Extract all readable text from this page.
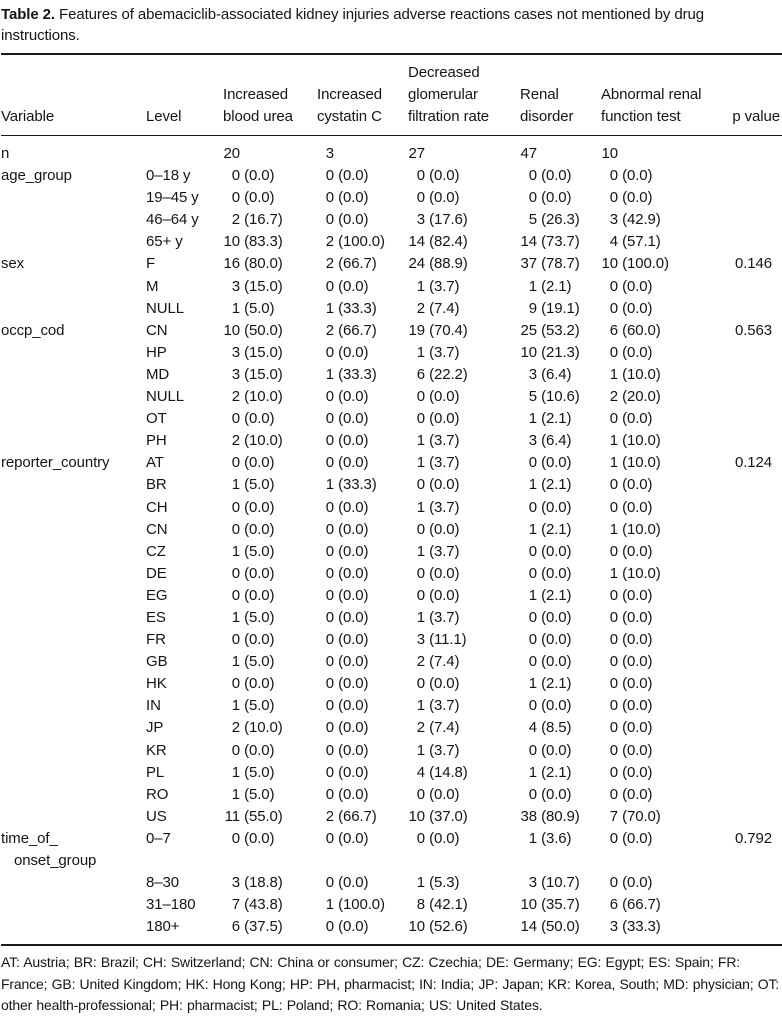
Table 2. Features of abemaciclib-associated kidney injuries adverse reactions cases not mentioned by drug instructions.

Variable	Level	Increased blood urea	Increased cystatin C	Decreased glomerular filtration rate	Renal disorder	Abnormal renal function test	p value
n		20	3	27	47	10	
age_group	0–18 y	0 (0.0)	0 (0.0)	0 (0.0)	0 (0.0)	0 (0.0)	
	19–45 y	0 (0.0)	0 (0.0)	0 (0.0)	0 (0.0)	0 (0.0)	
	46–64 y	2 (16.7)	0 (0.0)	3 (17.6)	5 (26.3)	3 (42.9)	
	65+ y	10 (83.3)	2 (100.0)	14 (82.4)	14 (73.7)	4 (57.1)	
sex	F	16 (80.0)	2 (66.7)	24 (88.9)	37 (78.7)	10 (100.0)	0.146
	M	3 (15.0)	0 (0.0)	1 (3.7)	1 (2.1)	0 (0.0)	
	NULL	1 (5.0)	1 (33.3)	2 (7.4)	9 (19.1)	0 (0.0)	
occp_cod	CN	10 (50.0)	2 (66.7)	19 (70.4)	25 (53.2)	6 (60.0)	0.563
	HP	3 (15.0)	0 (0.0)	1 (3.7)	10 (21.3)	0 (0.0)	
	MD	3 (15.0)	1 (33.3)	6 (22.2)	3 (6.4)	1 (10.0)	
	NULL	2 (10.0)	0 (0.0)	0 (0.0)	5 (10.6)	2 (20.0)	
	OT	0 (0.0)	0 (0.0)	0 (0.0)	1 (2.1)	0 (0.0)	
	PH	2 (10.0)	0 (0.0)	1 (3.7)	3 (6.4)	1 (10.0)	
reporter_country	AT	0 (0.0)	0 (0.0)	1 (3.7)	0 (0.0)	1 (10.0)	0.124
	BR	1 (5.0)	1 (33.3)	0 (0.0)	1 (2.1)	0 (0.0)	
	CH	0 (0.0)	0 (0.0)	1 (3.7)	0 (0.0)	0 (0.0)	
	CN	0 (0.0)	0 (0.0)	0 (0.0)	1 (2.1)	1 (10.0)	
	CZ	1 (5.0)	0 (0.0)	1 (3.7)	0 (0.0)	0 (0.0)	
	DE	0 (0.0)	0 (0.0)	0 (0.0)	0 (0.0)	1 (10.0)	
	EG	0 (0.0)	0 (0.0)	0 (0.0)	1 (2.1)	0 (0.0)	
	ES	1 (5.0)	0 (0.0)	1 (3.7)	0 (0.0)	0 (0.0)	
	FR	0 (0.0)	0 (0.0)	3 (11.1)	0 (0.0)	0 (0.0)	
	GB	1 (5.0)	0 (0.0)	2 (7.4)	0 (0.0)	0 (0.0)	
	HK	0 (0.0)	0 (0.0)	0 (0.0)	1 (2.1)	0 (0.0)	
	IN	1 (5.0)	0 (0.0)	1 (3.7)	0 (0.0)	0 (0.0)	
	JP	2 (10.0)	0 (0.0)	2 (7.4)	4 (8.5)	0 (0.0)	
	KR	0 (0.0)	0 (0.0)	1 (3.7)	0 (0.0)	0 (0.0)	
	PL	1 (5.0)	0 (0.0)	4 (14.8)	1 (2.1)	0 (0.0)	
	RO	1 (5.0)	0 (0.0)	0 (0.0)	0 (0.0)	0 (0.0)	
	US	11 (55.0)	2 (66.7)	10 (37.0)	38 (80.9)	7 (70.0)	
time_of_
onset_group	0–7	0 (0.0)	0 (0.0)	0 (0.0)	1 (3.6)	0 (0.0)	0.792
	8–30	3 (18.8)	0 (0.0)	1 (5.3)	3 (10.7)	0 (0.0)	
	31–180	7 (43.8)	1 (100.0)	8 (42.1)	10 (35.7)	6 (66.7)	
	180+	6 (37.5)	0 (0.0)	10 (52.6)	14 (50.0)	3 (33.3)	

AT: Austria; BR: Brazil; CH: Switzerland; CN: China or consumer; CZ: Czechia; DE: Germany; EG: Egypt; ES: Spain; FR: France; GB: United Kingdom; HK: Hong Kong; HP: PH, pharmacist; IN: India; JP: Japan; KR: Korea, South; MD: physician; OT: other health-professional; PH: pharmacist; PL: Poland; RO: Romania; US: United States.
